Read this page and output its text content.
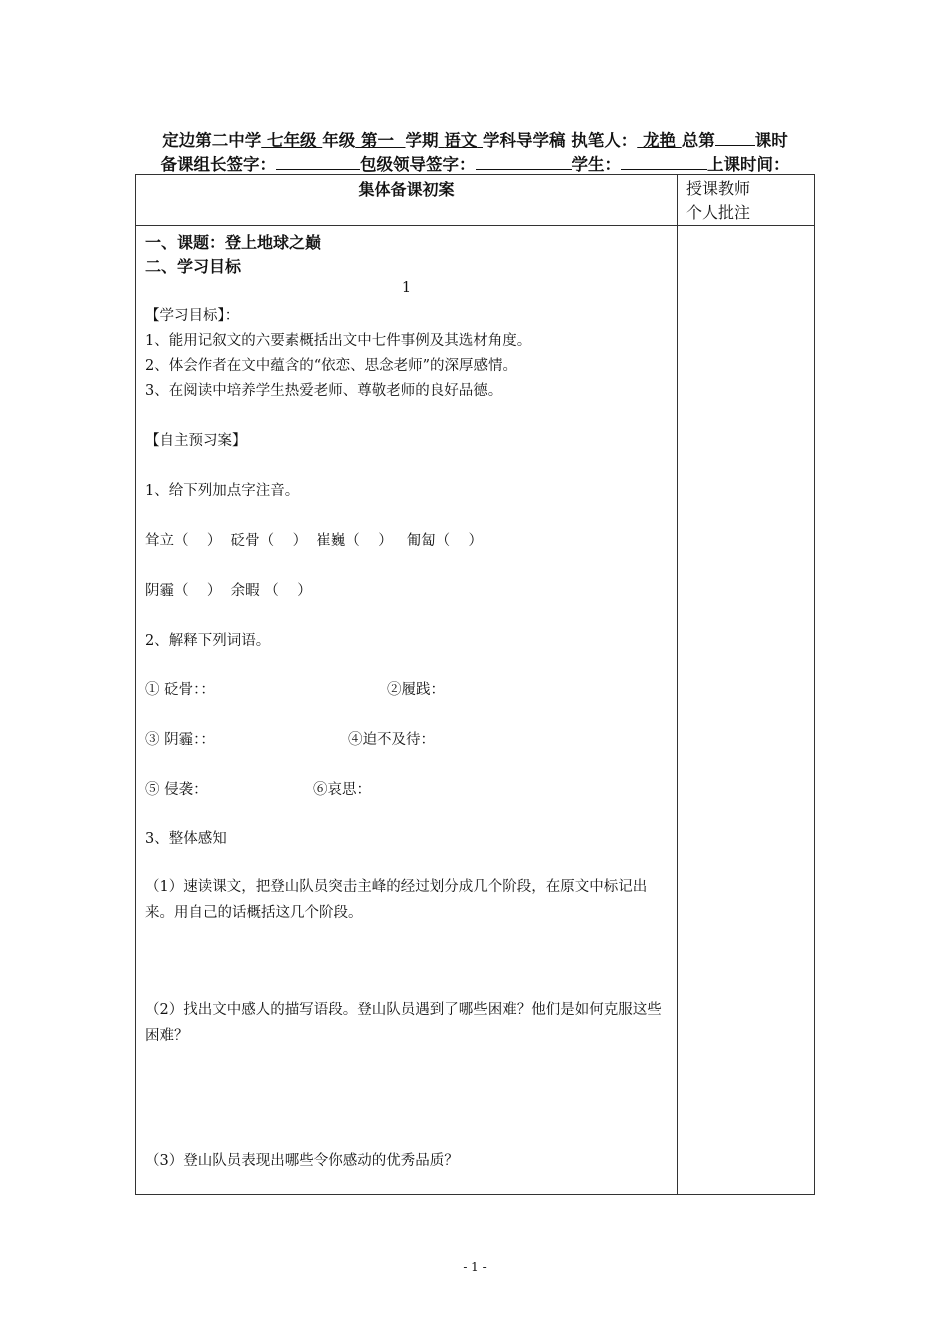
定边第二中学 七年级 年级 第一 学期 语文 学科导学稿 执笔人： 龙艳 总第 课时
备课组长签字：	包级领导签字：	学生：	上课时间：
集体备课初案	授课教师
个人批注
一、课题：登上地球之巅
二、学习目标
1
【学习目标】：
1、能用记叙文的六要素概括出文中七件事例及其选材角度。
2、体会作者在文中蕴含的“依恋、思念老师”的深厚感情。
3、在阅读中培养学生热爱老师、尊敬老师的良好品德。
【自主预习案】
1、给下列加点字注音。
耸立（    ）  砭骨（    ）  崔巍（    ）   匍匐（    ）
阴霾（    ）  余暇 （    ）
2、解释下列词语。
① 砭骨：：	②履践：
③ 阴霾：：	④迫不及待：
⑤ 侵袭：	⑥哀思：
3、整体感知
（1）速读课文，把登山队员突击主峰的经过划分成几个阶段，在原文中标记出来。用自己的话概括这几个阶段。
（2）找出文中感人的描写语段。登山队员遇到了哪些困难？他们是如何克服这些困难？
（3）登山队员表现出哪些令你感动的优秀品质？
- 1 -
